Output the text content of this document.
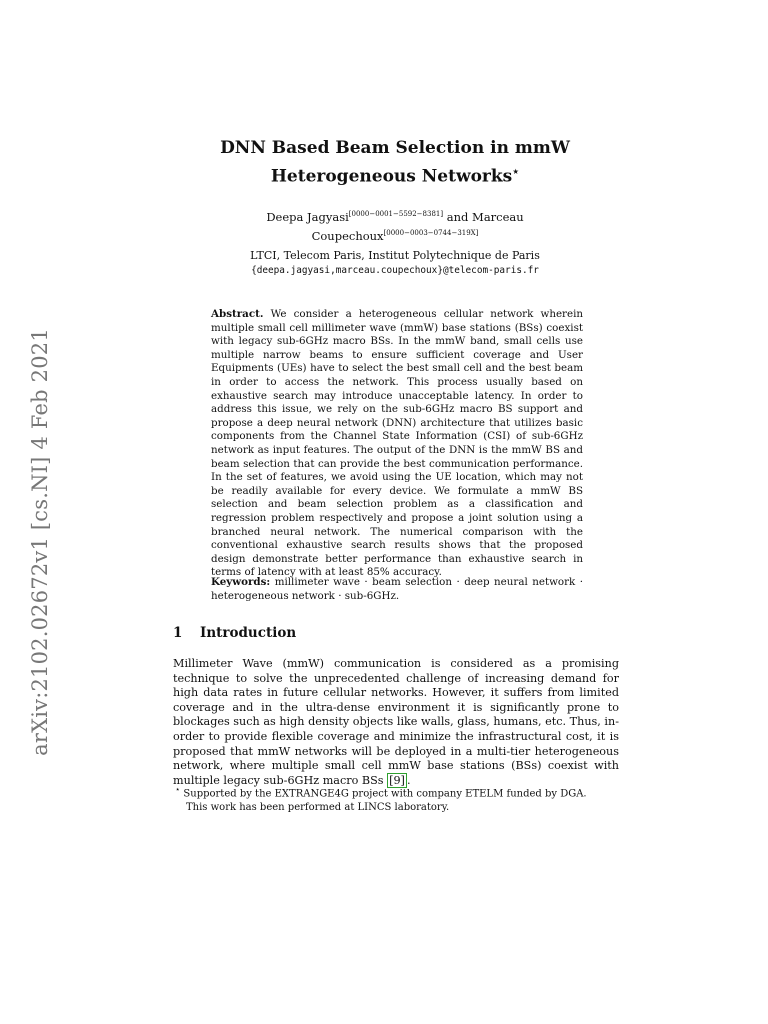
arXiv:2102.02672v1 [cs.NI] 4 Feb 2021
DNN Based Beam Selection in mmW
Heterogeneous Networks⋆
Deepa Jagyasi[0000−0001−5592−8381] and Marceau
Coupechoux[0000−0003−0744−319X]
LTCI, Telecom Paris, Institut Polytechnique de Paris
{deepa.jagyasi,marceau.coupechoux}@telecom-paris.fr
Abstract. We consider a heterogeneous cellular network wherein multiple small cell millimeter wave (mmW) base stations (BSs) coexist with legacy sub-6GHz macro BSs. In the mmW band, small cells use multiple narrow beams to ensure sufficient coverage and User Equipments (UEs) have to select the best small cell and the best beam in order to access the network. This process usually based on exhaustive search may introduce unacceptable latency. In order to address this issue, we rely on the sub-6GHz macro BS support and propose a deep neural network (DNN) architecture that utilizes basic components from the Channel State Information (CSI) of sub-6GHz network as input features. The output of the DNN is the mmW BS and beam selection that can provide the best communication performance. In the set of features, we avoid using the UE location, which may not be readily available for every device. We formulate a mmW BS selection and beam selection problem as a classification and regression problem respectively and propose a joint solution using a branched neural network. The numerical comparison with the conventional exhaustive search results shows that the proposed design demonstrate better performance than exhaustive search in terms of latency with at least 85% accuracy.
Keywords: millimeter wave · beam selection · deep neural network · heterogeneous network · sub-6GHz.
1 Introduction
Millimeter Wave (mmW) communication is considered as a promising technique to solve the unprecedented challenge of increasing demand for high data rates in future cellular networks. However, it suffers from limited coverage and in the ultra-dense environment it is significantly prone to blockages such as high density objects like walls, glass, humans, etc. Thus, in-order to provide flexible coverage and minimize the infrastructural cost, it is proposed that mmW networks will be deployed in a multi-tier heterogeneous network, where multiple small cell mmW base stations (BSs) coexist with multiple legacy sub-6GHz macro BSs [9] .
⋆ Supported by the EXTRANGE4G project with company ETELM funded by DGA.
This work has been performed at LINCS laboratory.
